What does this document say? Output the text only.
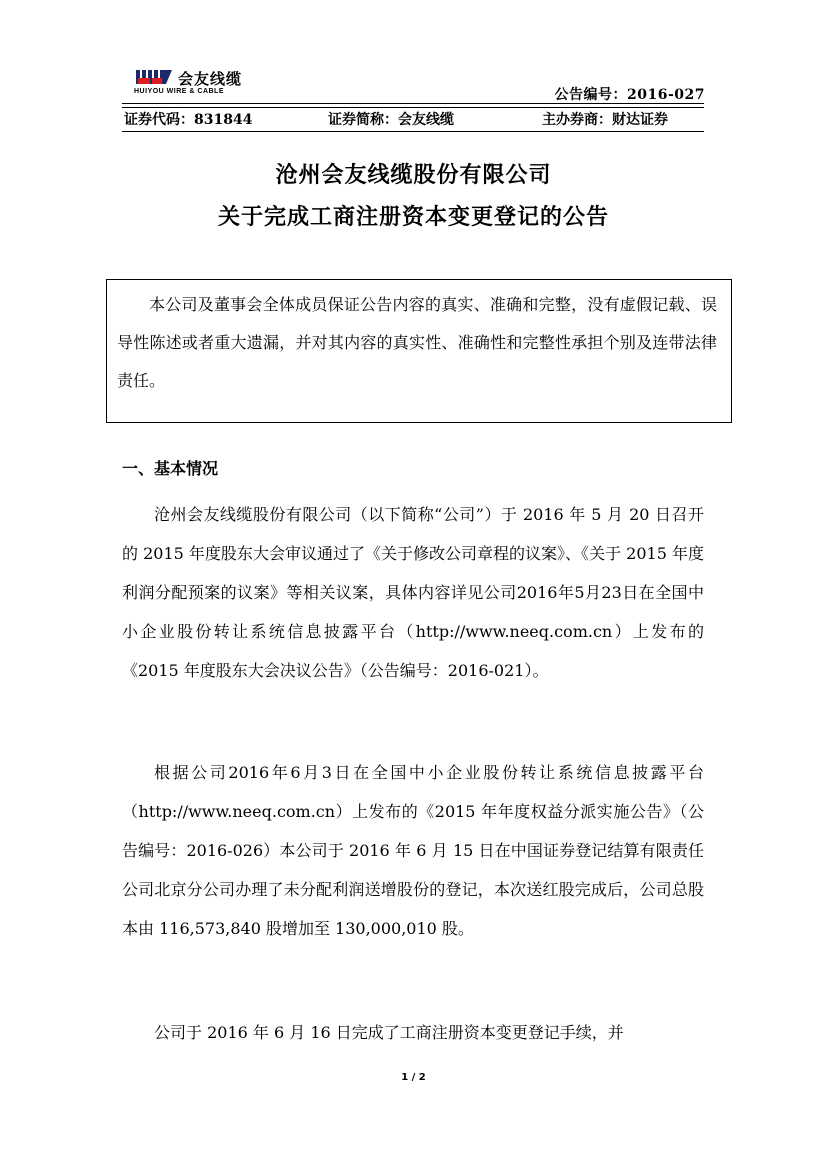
会友线缆
HUIYOU WIRE & CABLE	公告编号：2016-027
证券代码：831844	证券简称：会友线缆	主办券商：财达证券
沧州会友线缆股份有限公司
关于完成工商注册资本变更登记的公告

本公司及董事会全体成员保证公告内容的真实、准确和完整，没有虚假记载、误导性陈述或者重大遗漏，并对其内容的真实性、准确性和完整性承担个别及连带法律责任。

一、基本情况

沧州会友线缆股份有限公司（以下简称“公司”）于 2016 年 5 月 20 日召开的 2015 年度股东大会审议通过了《关于修改公司章程的议案》、《关于 2015 年度利润分配预案的议案》等相关议案，具体内容详见公司2016年5月23日在全国中小企业股份转让系统信息披露平台（http://www.neeq.com.cn）上发布的《2015 年度股东大会决议公告》（公告编号：2016-021）。

根据公司2016年6月3日在全国中小企业股份转让系统信息披露平台（http://www.neeq.com.cn）上发布的《2015 年年度权益分派实施公告》（公告编号：2016-026）本公司于 2016 年 6 月 15 日在中国证券登记结算有限责任公司北京分公司办理了未分配利润送增股份的登记，本次送红股完成后，公司总股本由 116,573,840 股增加至 130,000,010 股。

公司于 2016 年 6 月 16 日完成了工商注册资本变更登记手续，并

1 / 2
